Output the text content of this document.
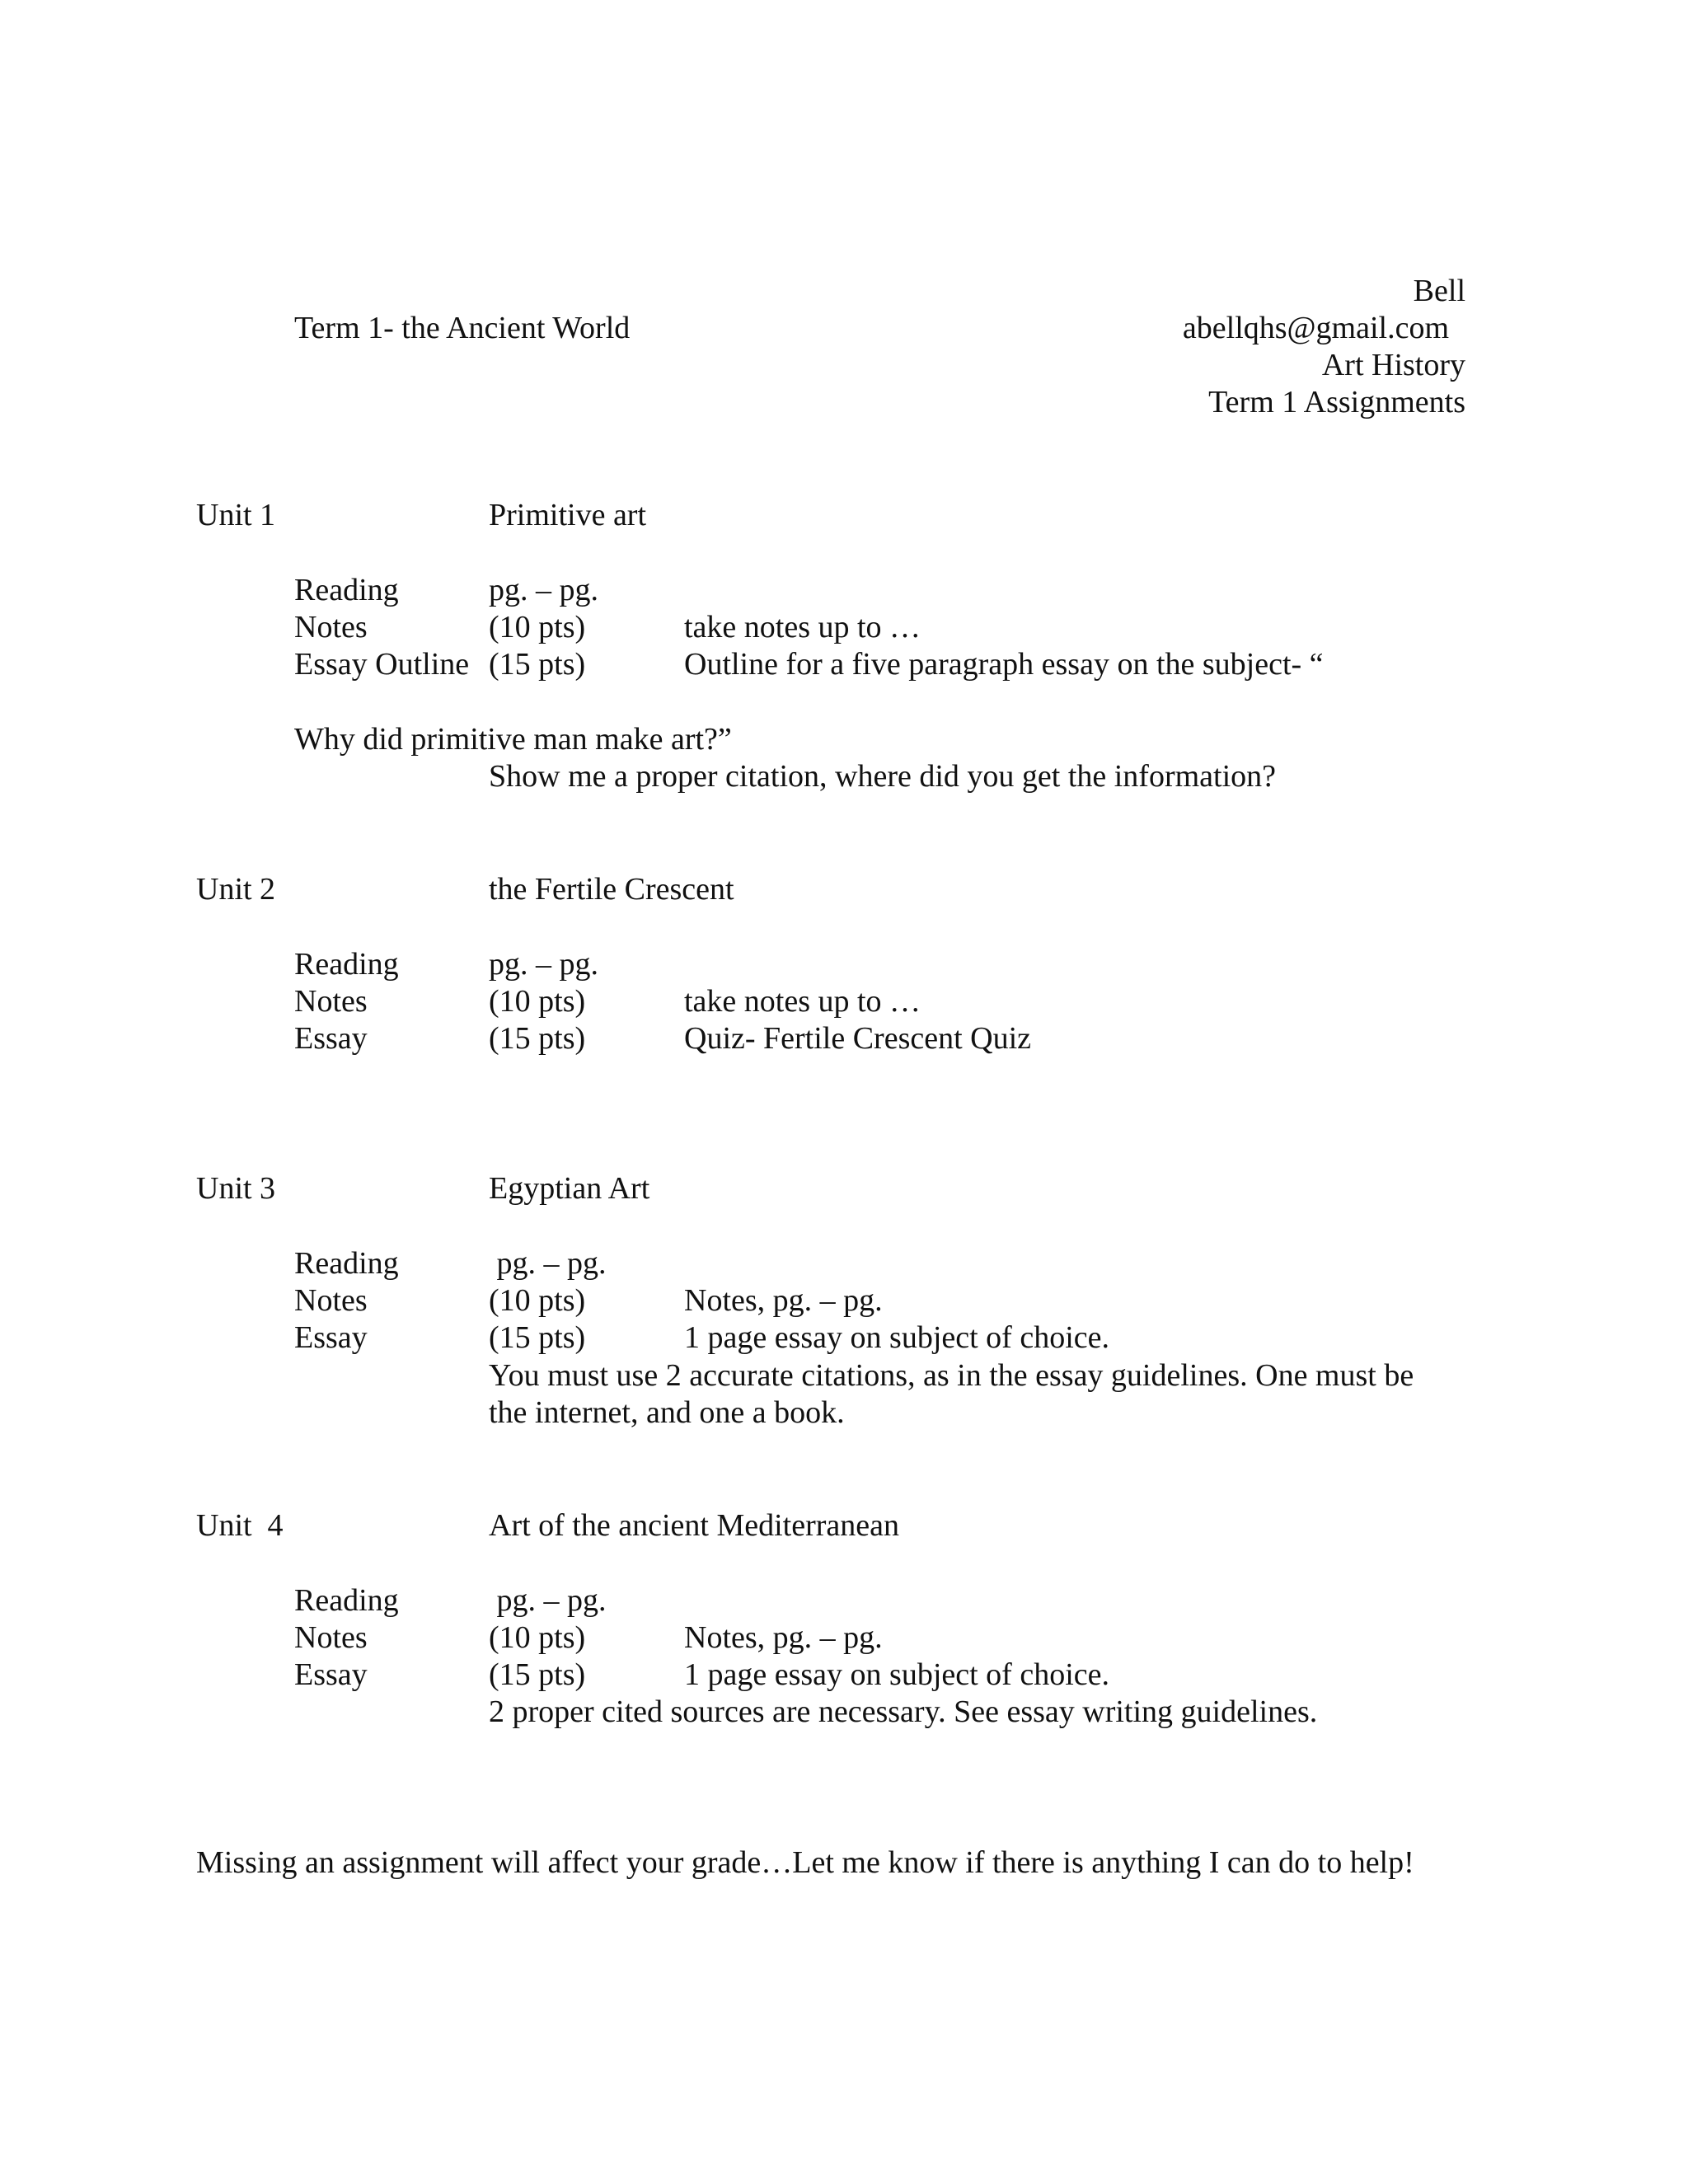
Term 1- the Ancient World
Bell
abellqhs@gmail.com
Art History
Term 1 Assignments
Unit 1	Primitive art
Reading	pg. – pg.
Notes	(10 pts)	take notes up to …
Essay Outline (15 pts)	Outline for a five paragraph essay on the subject- “
Why did primitive man make art?”
Show me a proper citation, where did you get the information?
Unit 2	the Fertile Crescent
Reading	pg. – pg.
Notes	(10 pts)	take notes up to …
Essay	(15 pts)	Quiz- Fertile Crescent Quiz
Unit 3	Egyptian Art
Reading	pg. – pg.
Notes	(10 pts)	Notes, pg. – pg.
Essay	(15 pts)	1 page essay on subject of choice.
You must use 2 accurate citations, as in the essay guidelines. One must be
the internet, and one a book.
Unit  4	Art of the ancient Mediterranean
Reading	pg. – pg.
Notes	(10 pts)	Notes, pg. – pg.
Essay	(15 pts)	1 page essay on subject of choice.
2 proper cited sources are necessary. See essay writing guidelines.
Missing an assignment will affect your grade…Let me know if there is anything I can do to help!
